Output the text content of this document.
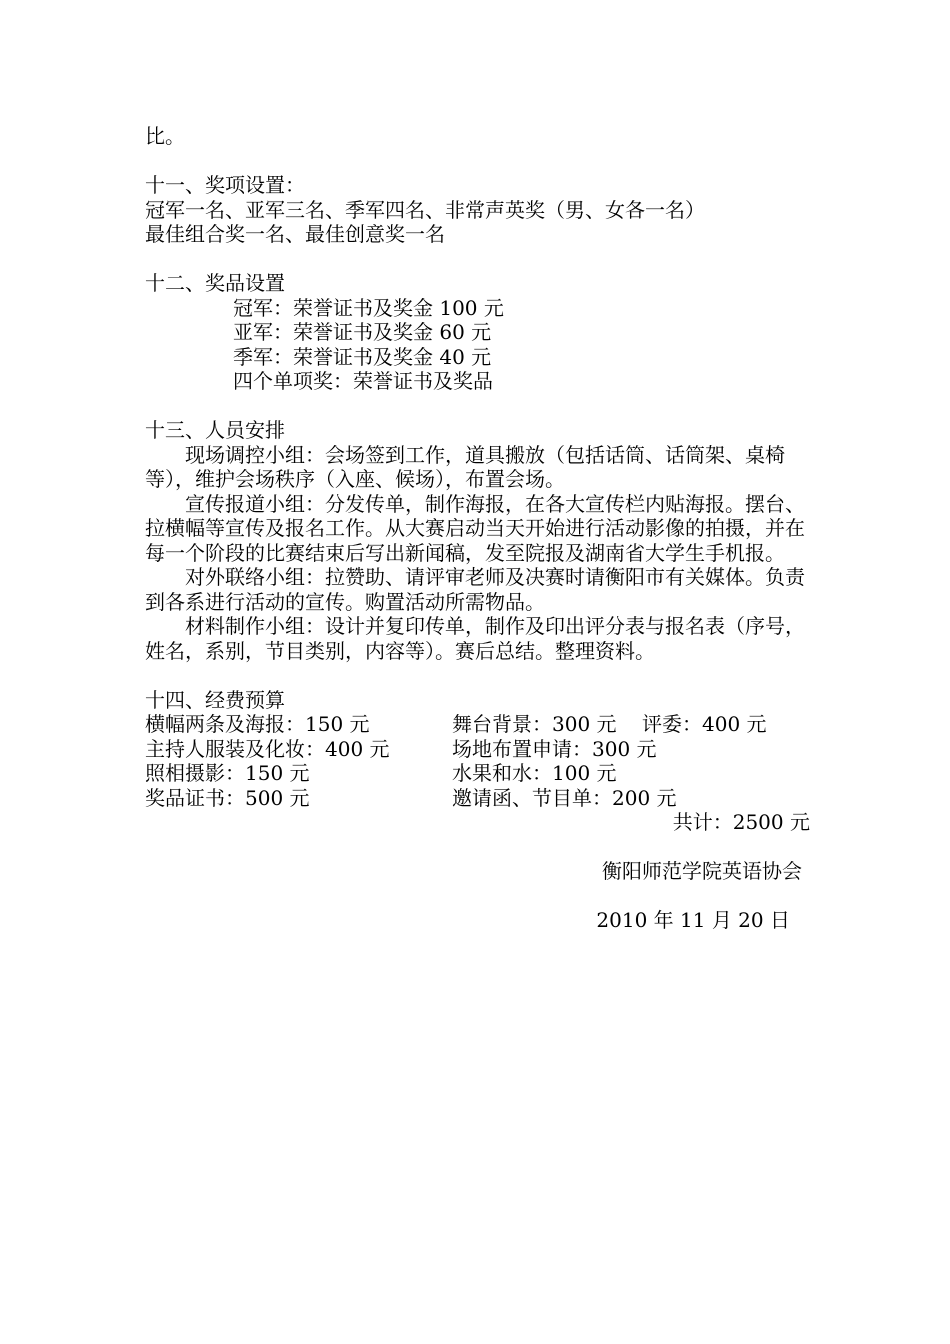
比。

十一、奖项设置：

冠军一名、亚军三名、季军四名、非常声英奖（男、女各一名）

最佳组合奖一名、最佳创意奖一名

十二、奖品设置

冠军：荣誉证书及奖金 100 元

亚军：荣誉证书及奖金 60 元

季军：荣誉证书及奖金 40 元

四个单项奖：荣誉证书及奖品

十三、人员安排

现场调控小组：会场签到工作，道具搬放（包括话筒、话筒架、桌椅等），维护会场秩序（入座、候场），布置会场。

宣传报道小组：分发传单，制作海报，在各大宣传栏内贴海报。摆台、拉横幅等宣传及报名工作。从大赛启动当天开始进行活动影像的拍摄，并在每一个阶段的比赛结束后写出新闻稿，发至院报及湖南省大学生手机报。

对外联络小组：拉赞助、请评审老师及决赛时请衡阳市有关媒体。负责到各系进行活动的宣传。购置活动所需物品。

材料制作小组：设计并复印传单，制作及印出评分表与报名表（序号，姓名，系别，节目类别，内容等）。赛后总结。整理资料。

十四、经费预算

横幅两条及海报：150 元	舞台背景：300 元 评委：400 元
主持人服装及化妆：400 元	场地布置申请：300 元
照相摄影：150 元	水果和水：100 元
奖品证书：500 元	邀请函、节目单：200 元

共计：2500 元

衡阳师范学院英语协会

2010 年 11 月 20 日
